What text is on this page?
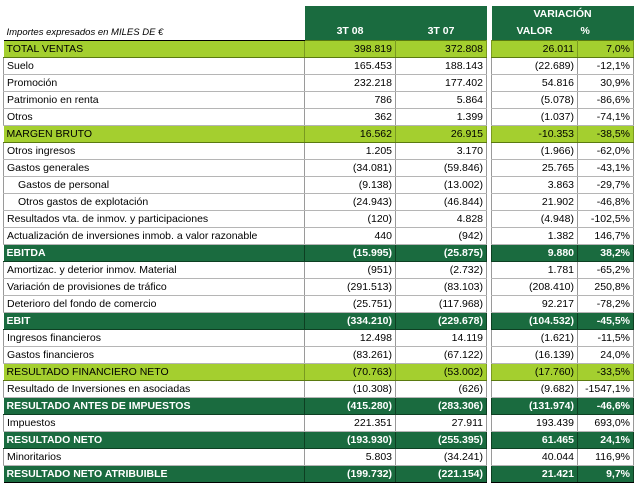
				VARIACIÓN	
Importes expresados en MILES DE €	3T 08	3T 07		VALOR	%
TOTAL VENTAS	398.819	372.808		26.011	7,0%
Suelo	165.453	188.143		(22.689)	-12,1%
Promoción	232.218	177.402		54.816	30,9%
Patrimonio en renta	786	5.864		(5.078)	-86,6%
Otros	362	1.399		(1.037)	-74,1%
MARGEN BRUTO	16.562	26.915		-10.353	-38,5%
Otros ingresos	1.205	3.170		(1.966)	-62,0%
Gastos generales	(34.081)	(59.846)		25.765	-43,1%
Gastos de personal	(9.138)	(13.002)		3.863	-29,7%
Otros gastos de explotación	(24.943)	(46.844)		21.902	-46,8%
Resultados vta. de inmov. y participaciones	(120)	4.828		(4.948)	-102,5%
Actualización de inversiones inmob. a valor razonable	440	(942)		1.382	146,7%
EBITDA	(15.995)	(25.875)		9.880	38,2%
Amortizac. y deterior inmov. Material	(951)	(2.732)		1.781	-65,2%
Variación de provisiones de tráfico	(291.513)	(83.103)		(208.410)	250,8%
Deterioro del fondo de comercio	(25.751)	(117.968)		92.217	-78,2%
EBIT	(334.210)	(229.678)		(104.532)	-45,5%
Ingresos financieros	12.498	14.119		(1.621)	-11,5%
Gastos financieros	(83.261)	(67.122)		(16.139)	24,0%
RESULTADO FINANCIERO NETO	(70.763)	(53.002)		(17.760)	-33,5%
Resultado de Inversiones en asociadas	(10.308)	(626)		(9.682)	-1547,1%
RESULTADO ANTES DE IMPUESTOS	(415.280)	(283.306)		(131.974)	-46,6%
Impuestos	221.351	27.911		193.439	693,0%
RESULTADO NETO	(193.930)	(255.395)		61.465	24,1%
Minoritarios	5.803	(34.241)		40.044	116,9%
RESULTADO NETO ATRIBUIBLE	(199.732)	(221.154)		21.421	9,7%
